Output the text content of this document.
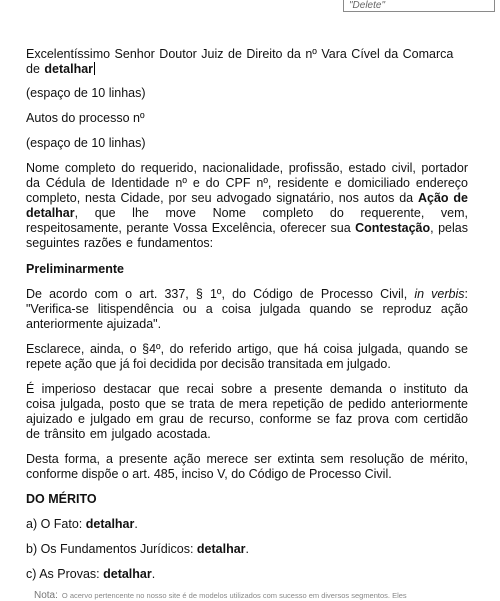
"Delete"

Excelentíssimo Senhor Doutor Juiz de Direito da nº Vara Cível da Comarca
de detalhar

(espaço de 10 linhas)

Autos do processo nº

(espaço de 10 linhas)

Nome completo do requerido, nacionalidade, profissão, estado civil, portador da Cédula de Identidade nº e do CPF nº, residente e domiciliado endereço completo, nesta Cidade, por seu advogado signatário, nos autos da Ação de detalhar, que lhe move Nome completo do requerente, vem, respeitosamente, perante Vossa Excelência, oferecer sua Contestação, pelas seguintes razões e fundamentos:

Preliminarmente

De acordo com o art. 337, § 1º, do Código de Processo Civil, in verbis: "Verifica-se litispendência ou a coisa julgada quando se reproduz ação anteriormente ajuizada".

Esclarece, ainda, o §4º, do referido artigo, que há coisa julgada, quando se repete ação que já foi decidida por decisão transitada em julgado.

É imperioso destacar que recai sobre a presente demanda o instituto da coisa julgada, posto que se trata de mera repetição de pedido anteriormente ajuizado e julgado em grau de recurso, conforme se faz prova com certidão de trânsito em julgado acostada.

Desta forma, a presente ação merece ser extinta sem resolução de mérito, conforme dispõe o art. 485, inciso V, do Código de Processo Civil.

DO MÉRITO

a) O Fato: detalhar.

b) Os Fundamentos Jurídicos: detalhar.

c) As Provas: detalhar.

Nota: O acervo pertencente no nosso site é de modelos utilizados com sucesso em diversos segmentos. Eles
